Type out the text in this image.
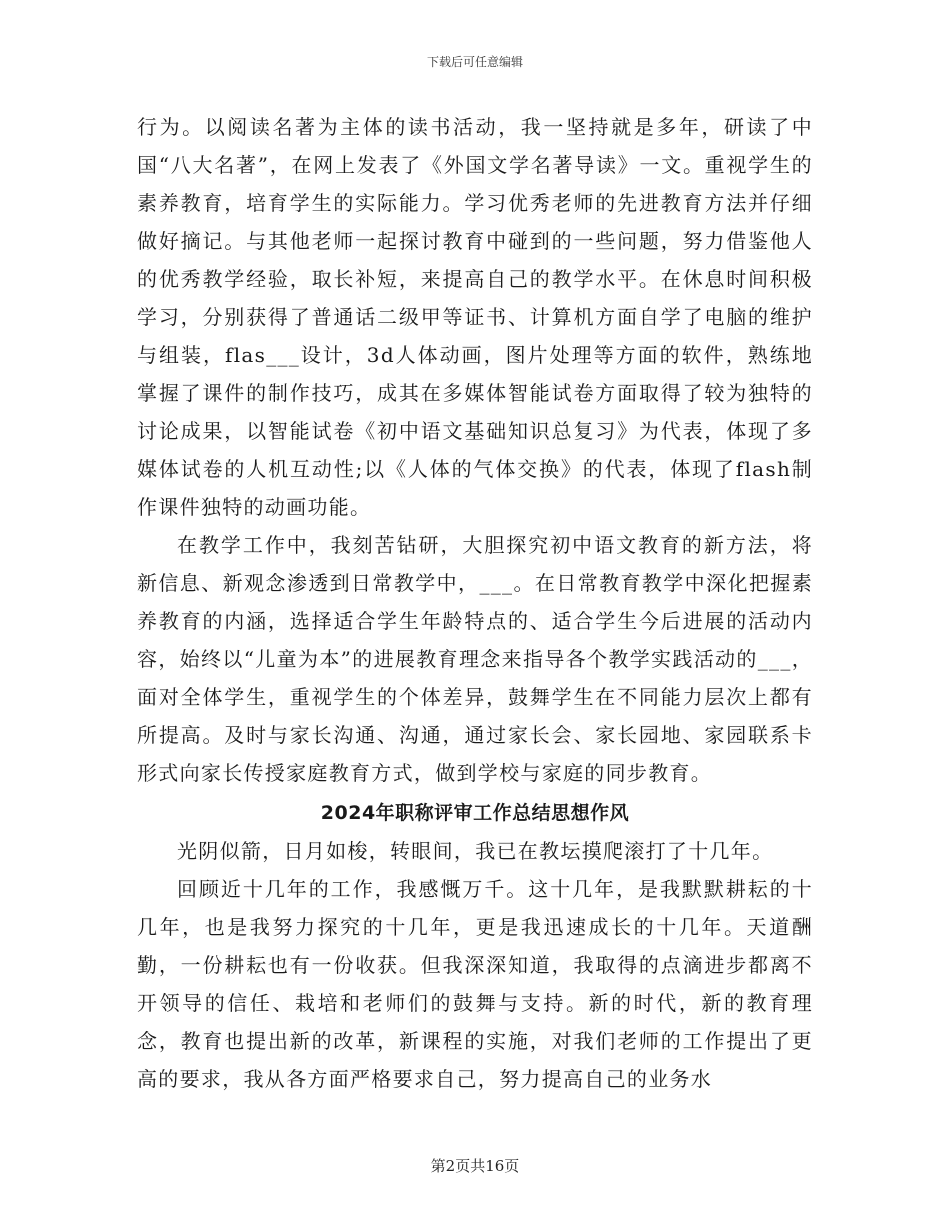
下载后可任意编辑

行为。以阅读名著为主体的读书活动，我一坚持就是多年，研读了中国“八大名著”，在网上发表了《外国文学名著导读》一文。重视学生的素养教育，培育学生的实际能力。学习优秀老师的先进教育方法并仔细做好摘记。与其他老师一起探讨教育中碰到的一些问题，努力借鉴他人的优秀教学经验，取长补短，来提高自己的教学水平。在休息时间积极学习，分别获得了普通话二级甲等证书、计算机方面自学了电脑的维护与组装，flas___设计，3d人体动画，图片处理等方面的软件，熟练地掌握了课件的制作技巧，成其在多媒体智能试卷方面取得了较为独特的讨论成果，以智能试卷《初中语文基础知识总复习》为代表，体现了多媒体试卷的人机互动性;以《人体的气体交换》的代表，体现了flash制作课件独特的动画功能。

在教学工作中，我刻苦钻研，大胆探究初中语文教育的新方法，将新信息、新观念渗透到日常教学中，___。在日常教育教学中深化把握素养教育的内涵，选择适合学生年龄特点的、适合学生今后进展的活动内容，始终以“儿童为本”的进展教育理念来指导各个教学实践活动的___，面对全体学生，重视学生的个体差异，鼓舞学生在不同能力层次上都有所提高。及时与家长沟通、沟通，通过家长会、家长园地、家园联系卡形式向家长传授家庭教育方式，做到学校与家庭的同步教育。

2024年职称评审工作总结思想作风

光阴似箭，日月如梭，转眼间，我已在教坛摸爬滚打了十几年。

回顾近十几年的工作，我感慨万千。这十几年，是我默默耕耘的十几年，也是我努力探究的十几年，更是我迅速成长的十几年。天道酬勤，一份耕耘也有一份收获。但我深深知道，我取得的点滴进步都离不开领导的信任、栽培和老师们的鼓舞与支持。新的时代，新的教育理念，教育也提出新的改革，新课程的实施，对我们老师的工作提出了更高的要求，我从各方面严格要求自己，努力提高自己的业务水

第2页共16页
